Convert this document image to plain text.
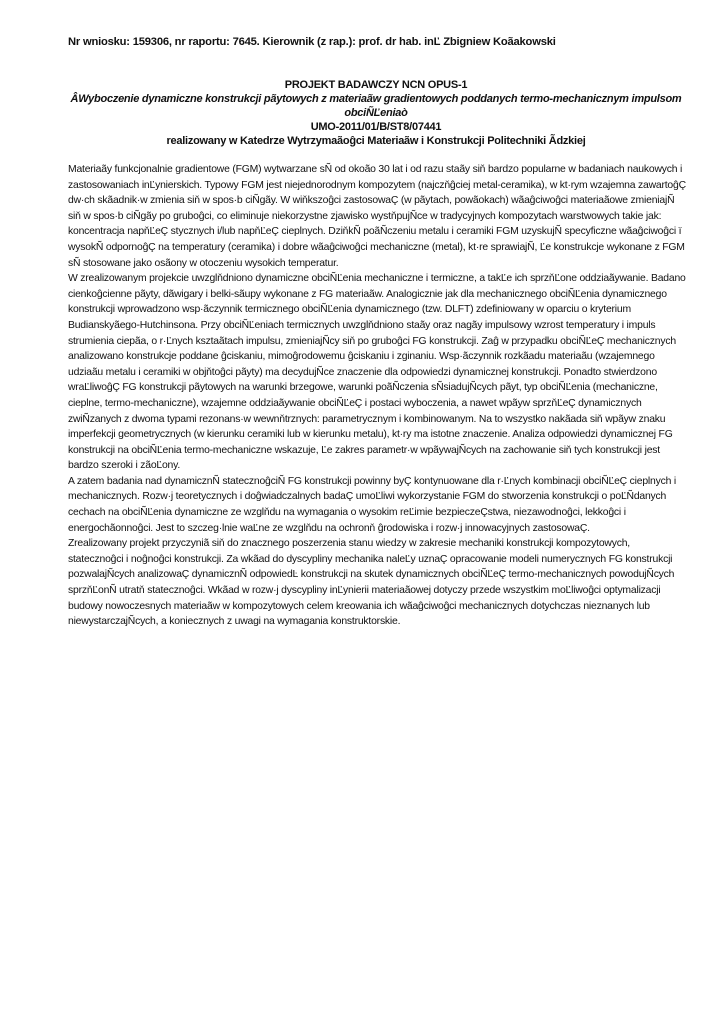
Nr wniosku: 159306, nr raportu: 7645. Kierownik (z rap.): prof. dr hab. inĽ Zbigniew Koãakowski
PROJEKT BADAWCZY NCN OPUS-1
ÂWyboczenie dynamiczne konstrukcji pãytowych z materiaãw gradientowych poddanych termo-mechanicznym impulsom obciÑĽeniaò
UMO-2011/01/B/ST8/07441
realizowany w Katedrze Wytrzymaãoĝci Materiaãw i Konstrukcji Politechniki Ãdzkiej

Materiaãy funkcjonalnie gradientowe (FGM) wytwarzane sÑ od okoão 30 lat i od razu staãy siň bardzo popularne w badaniach naukowych i zastosowaniach inĽynierskich. Typowy FGM jest niejednorodnym kompozytem (najczňĝciej metal-ceramika), w kt·rym wzajemna zawartoĝÇ dw·ch skãadnik·w zmienia siň w spos·b ciÑgãy. W wiňkszoĝci zastosowaÇ (w pãytach, powãokach) wãaĝciwoĝci materiaãowe zmieniajÑ siň w spos·b ciÑgãy po gruboĝci, co eliminuje niekorzystne zjawisko wystňpujÑce w tradycyjnych kompozytach warstwowych takie jak: koncentracja napňĽeÇ stycznych i/lub napňĽeÇ cieplnych. DziňkÑ poãÑczeniu metalu i ceramiki FGM uzyskujÑ specyficzne wãaĝciwoĝci ï wysokÑ odpornoĝÇ na temperatury (ceramika) i dobre wãaĝciwoĝci mechaniczne (metal), kt·re sprawiajÑ, Ľe konstrukcje wykonane z FGM sÑ stosowane jako osãony w otoczeniu wysokich temperatur.

W zrealizowanym projekcie uwzglňdniono dynamiczne obciÑĽenia mechaniczne i termiczne, a takĽe ich sprzňĽone oddziaãywanie. Badano cienkoĝcienne pãyty, dãwigary i belki-sãupy wykonane z FG materiaãw. Analogicznie jak dla mechanicznego obciÑĽenia dynamicznego konstrukcji wprowadzono wsp·ãczynnik termicznego obciÑĽenia dynamicznego (tzw. DLFT) zdefiniowany w oparciu o kryterium Budianskyãego-Hutchinsona. Przy obciÑĽeniach termicznych uwzglňdniono staãy oraz nagãy impulsowy wzrost temperatury i impuls strumienia ciepãa, o r·Ľnych ksztaãtach impulsu, zmieniajÑcy siň po gruboĝci FG konstrukcji. Zaĝ w przypadku obciÑĽeÇ mechanicznych analizowano konstrukcje poddane ĝciskaniu, mimoĝrodowemu ĝciskaniu i zginaniu. Wsp·ãczynnik rozkãadu materiaãu (wzajemnego udziaãu metalu i ceramiki w objňtoĝci pãyty) ma decydujÑce znaczenie dla odpowiedzi dynamicznej konstrukcji. Ponadto stwierdzono wraĽliwoĝÇ FG konstrukcji pãytowych na warunki brzegowe, warunki poãÑczenia sÑsiadujÑcych pãyt, typ obciÑĽenia (mechaniczne, cieplne, termo-mechaniczne), wzajemne oddziaãywanie obciÑĽeÇ i postaci wyboczenia, a nawet wpãyw sprzňĽeÇ dynamicznych zwiÑzanych z dwoma typami rezonans·w wewnňtrznych: parametrycznym i kombinowanym. Na to wszystko nakãada siň wpãyw znaku imperfekcji geometrycznych (w kierunku ceramiki lub w kierunku metalu), kt·ry ma istotne znaczenie. Analiza odpowiedzi dynamicznej FG konstrukcji na obciÑĽenia termo-mechaniczne wskazuje, Ľe zakres parametr·w wpãywajÑcych na zachowanie siň tych konstrukcji jest bardzo szeroki i zãoĽony.

A zatem badania nad dynamicznÑ statecznoĝciÑ FG konstrukcji powinny byÇ kontynuowane dla r·Ľnych kombinacji obciÑĽeÇ cieplnych i mechanicznych. Rozw·j teoretycznych i doĝwiadczalnych badaÇ umoĽliwi wykorzystanie FGM do stworzenia konstrukcji o poĽÑdanych cechach na obciÑĽenia dynamiczne ze wzglňdu na wymagania o wysokim reĽimie bezpieczeÇstwa, niezawodnoĝci, lekkoĝci i energochãonnoĝci. Jest to szczeg·lnie waĽne ze wzglňdu na ochronň ĝrodowiska i rozw·j innowacyjnych zastosowaÇ.

Zrealizowany projekt przyczyniã siň do znacznego poszerzenia stanu wiedzy w zakresie mechaniki konstrukcji kompozytowych, statecznoĝci i noĝnoĝci konstrukcji. Za wkãad do dyscypliny mechanika naleĽy uznaÇ opracowanie modeli numerycznych FG konstrukcji pozwalajÑcych analizowaÇ dynamicznÑ odpowiedĿ konstrukcji na skutek dynamicznych obciÑĽeÇ termo-mechanicznych powodujÑcych sprzňĽonÑ utratň statecznoĝci. Wkãad w rozw·j dyscypliny inĽynierii materiaãowej dotyczy przede wszystkim moĽliwoĝci optymalizacji budowy nowoczesnych materiaãw w kompozytowych celem kreowania ich wãaĝciwoĝci mechanicznych dotychczas nieznanych lub niewystarczajÑcych, a koniecznych z uwagi na wymagania konstruktorskie.
